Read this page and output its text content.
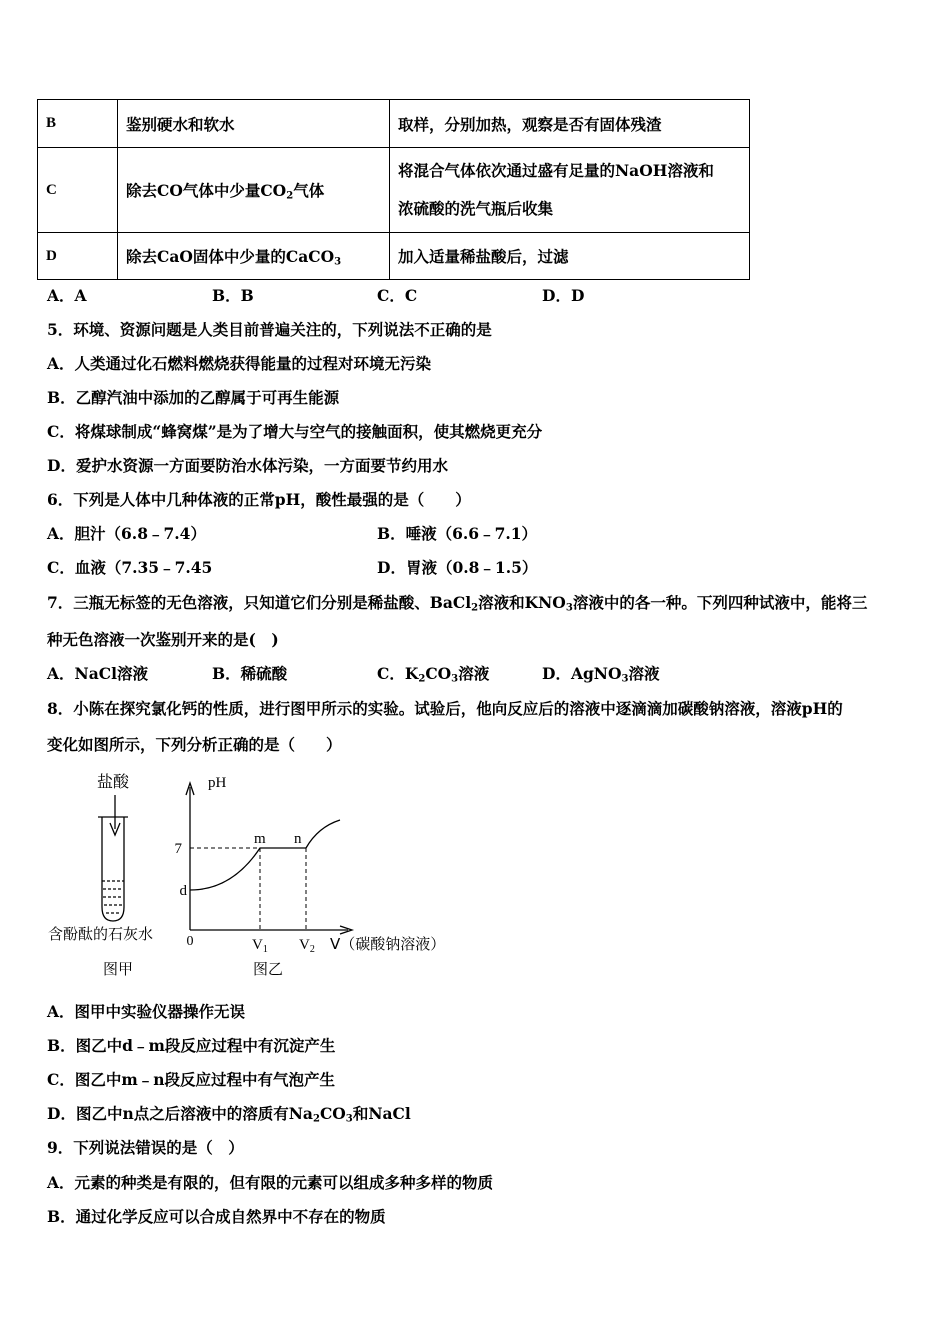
B	鉴别硬水和软水	取样，分别加热，观察是否有固体残渣
C	除去CO气体中少量$CO_2$气体	将混合气体依次通过盛有足量的NaOH溶液和
浓硫酸的洗气瓶后收集

D	除去CaO固体中少量的CaCO$_3$	加入适量稀盐酸后，过滤
A．A	B．B	C．C	D．D
5．环境、资源问题是人类目前普遍关注的，下列说法不正确的是
A．人类通过化石燃料燃烧获得能量的过程对环境无污染
B．乙醇汽油中添加的乙醇属于可再生能源
C．将煤球制成“蜂窝煤”是为了增大与空气的接触面积，使其燃烧更充分
D．爱护水资源一方面要防治水体污染，一方面要节约用水
6．下列是人体中几种体液的正常pH，酸性最强的是（　　）
A．胆汁（6.8﹣7.4）	B．唾液（6.6﹣7.1）
C．血液（7.35﹣7.45	D．胃液（0.8﹣1.5）
7．三瓶无标签的无色溶液，只知道它们分别是稀盐酸、BaCl$_2$溶液和$KNO_3$溶液中的各一种。下列四种试液中，能将三
种无色溶液一次鉴别开来的是(　)
A．NaCl溶液	B．稀硫酸	C．$K_2CO_3$溶液	D．AgNO$_3$溶液
8．小陈在探究氯化钙的性质，进行图甲所示的实验。试验后，他向反应后的溶液中逐滴滴加碳酸钠溶液，溶液pH的
变化如图所示，下列分析正确的是（　　）
盐酸
含酚酞的石灰水
图甲
pH
7
d
0
m n
$V_1$ $V_2$ V（碳酸钠溶液）
图乙
A．图甲中实验仪器操作无误
B．图乙中d﹣m段反应过程中有沉淀产生
C．图乙中m﹣n段反应过程中有气泡产生
D．图乙中n点之后溶液中的溶质有$Na_2CO_3$和NaCl
9．下列说法错误的是（　）
A．元素的种类是有限的，但有限的元素可以组成多种多样的物质
B．通过化学反应可以合成自然界中不存在的物质
